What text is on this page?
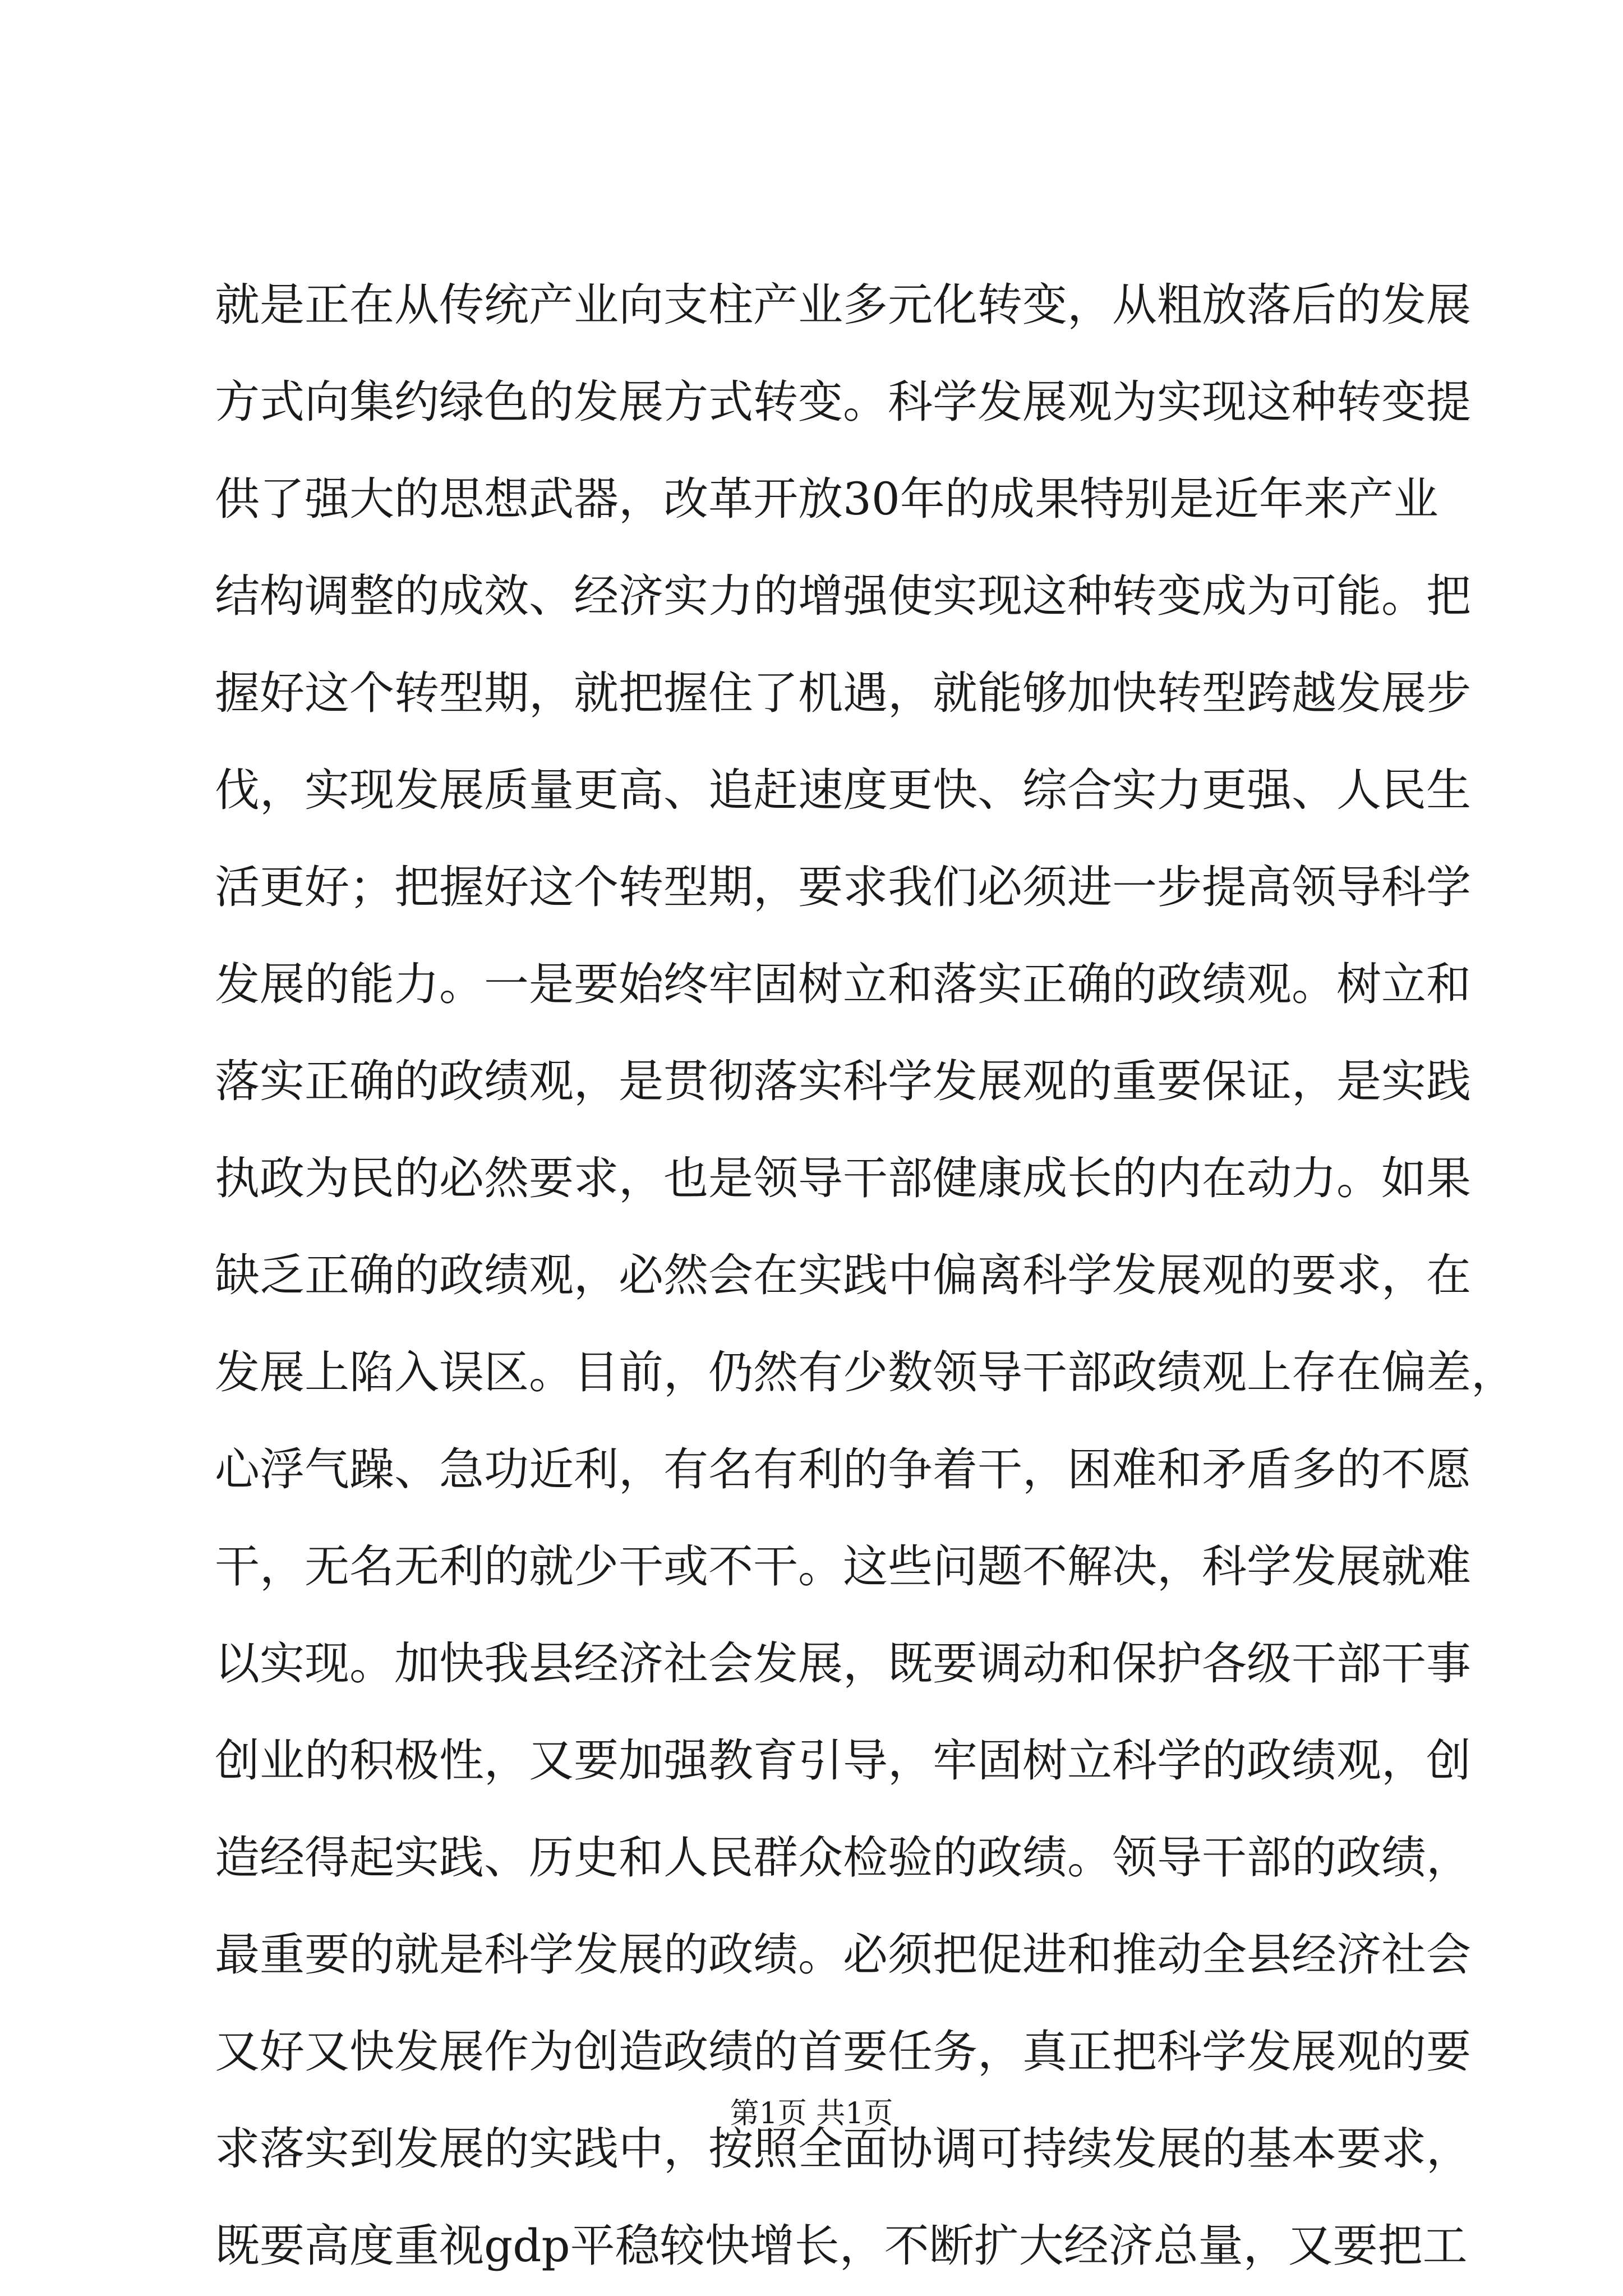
就是正在从传统产业向支柱产业多元化转变，从粗放落后的发展
方式向集约绿色的发展方式转变。科学发展观为实现这种转变提
供了强大的思想武器，改革开放30年的成果特别是近年来产业
结构调整的成效、经济实力的增强使实现这种转变成为可能。把
握好这个转型期，就把握住了机遇，就能够加快转型跨越发展步
伐，实现发展质量更高、追赶速度更快、综合实力更强、人民生
活更好；把握好这个转型期，要求我们必须进一步提高领导科学
发展的能力。一是要始终牢固树立和落实正确的政绩观。树立和
落实正确的政绩观，是贯彻落实科学发展观的重要保证，是实践
执政为民的必然要求，也是领导干部健康成长的内在动力。如果
缺乏正确的政绩观，必然会在实践中偏离科学发展观的要求，在
发展上陷入误区。目前，仍然有少数领导干部政绩观上存在偏差，
心浮气躁、急功近利，有名有利的争着干，困难和矛盾多的不愿
干，无名无利的就少干或不干。这些问题不解决，科学发展就难
以实现。加快我县经济社会发展，既要调动和保护各级干部干事
创业的积极性，又要加强教育引导，牢固树立科学的政绩观，创
造经得起实践、历史和人民群众检验的政绩。领导干部的政绩，
最重要的就是科学发展的政绩。必须把促进和推动全县经济社会
又好又快发展作为创造政绩的首要任务，真正把科学发展观的要
求落实到发展的实践中，按照全面协调可持续发展的基本要求，
既要高度重视gdp平稳较快增长，不断扩大经济总量，又要把工
第1页 共1页
